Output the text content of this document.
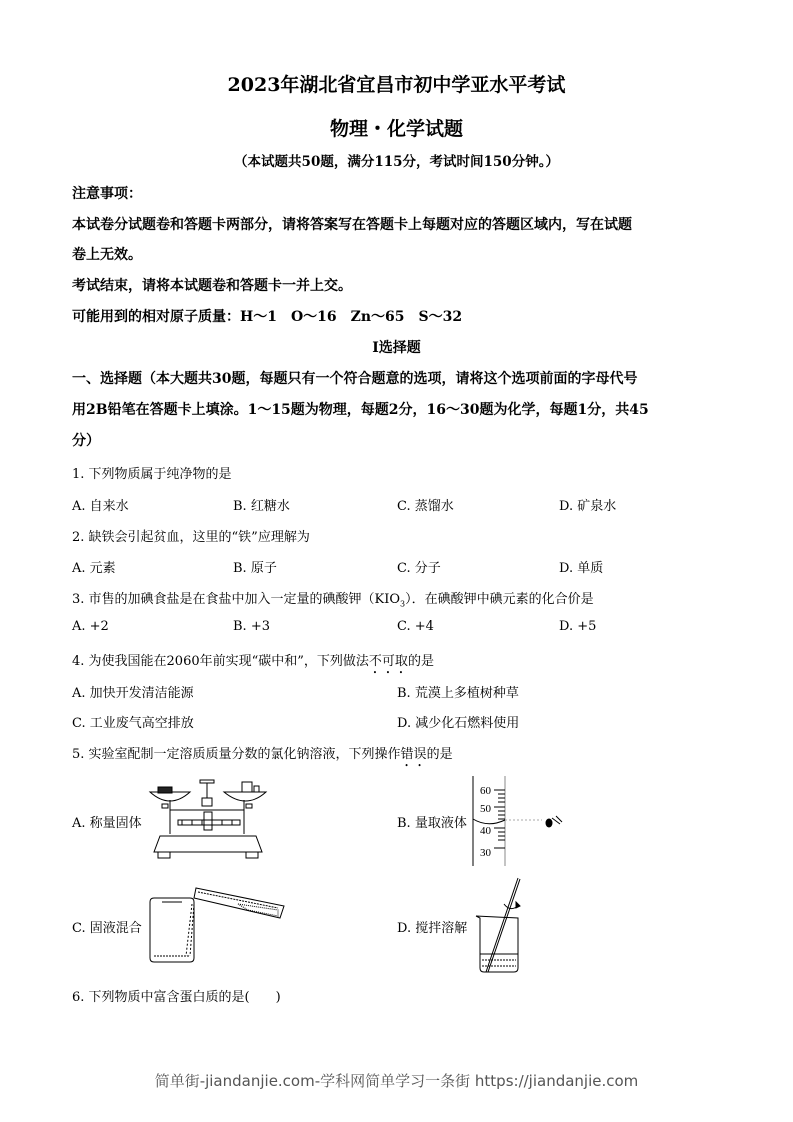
2023年湖北省宜昌市初中学亚水平考试
物理・化学试题
（本试题共50题，满分115分，考试时间150分钟。）
注意事项：
本试卷分试题卷和答题卡两部分，请将答案写在答题卡上每题对应的答题区域内，写在试题
卷上无效。
考试结束，请将本试题卷和答题卡一并上交。
可能用到的相对原子质量：H～1　O～16　Zn～65　S～32
Ⅰ选择题
一、选择题（本大题共30题，每题只有一个符合题意的选项，请将这个选项前面的字母代号
用2B铅笔在答题卡上填涂。1～15题为物理，每题2分，16～30题为化学，每题1分，共45
分）
1. 下列物质属于纯净物的是
A. 自来水	B. 红糖水	C. 蒸馏水	D. 矿泉水
2. 缺铁会引起贫血，这里的“铁”应理解为
A. 元素	B. 原子	C. 分子	D. 单质
3. 市售的加碘食盐是在食盐中加入一定量的碘酸钾$(KIO_3)$．在碘酸钾中碘元素的化合价是
A. +2	B. +3	C. +4	D. +5
4. 为使我国能在2060年前实现“碳中和”，下列做法不可取的是
A. 加快开发清洁能源	B. 荒漠上多植树种草
C. 工业废气高空排放	D. 减少化石燃料使用
5. 实验室配制一定溶质质量分数的氯化钠溶液，下列操作错误的是
A. 称量固体	B. 量取液体
60
50
40
30
C. 固液混合	D. 搅拌溶解
6. 下列物质中富含蛋白质的是(　　)
简单街-jiandanjie.com-学科网简单学习一条街 https://jiandanjie.com
